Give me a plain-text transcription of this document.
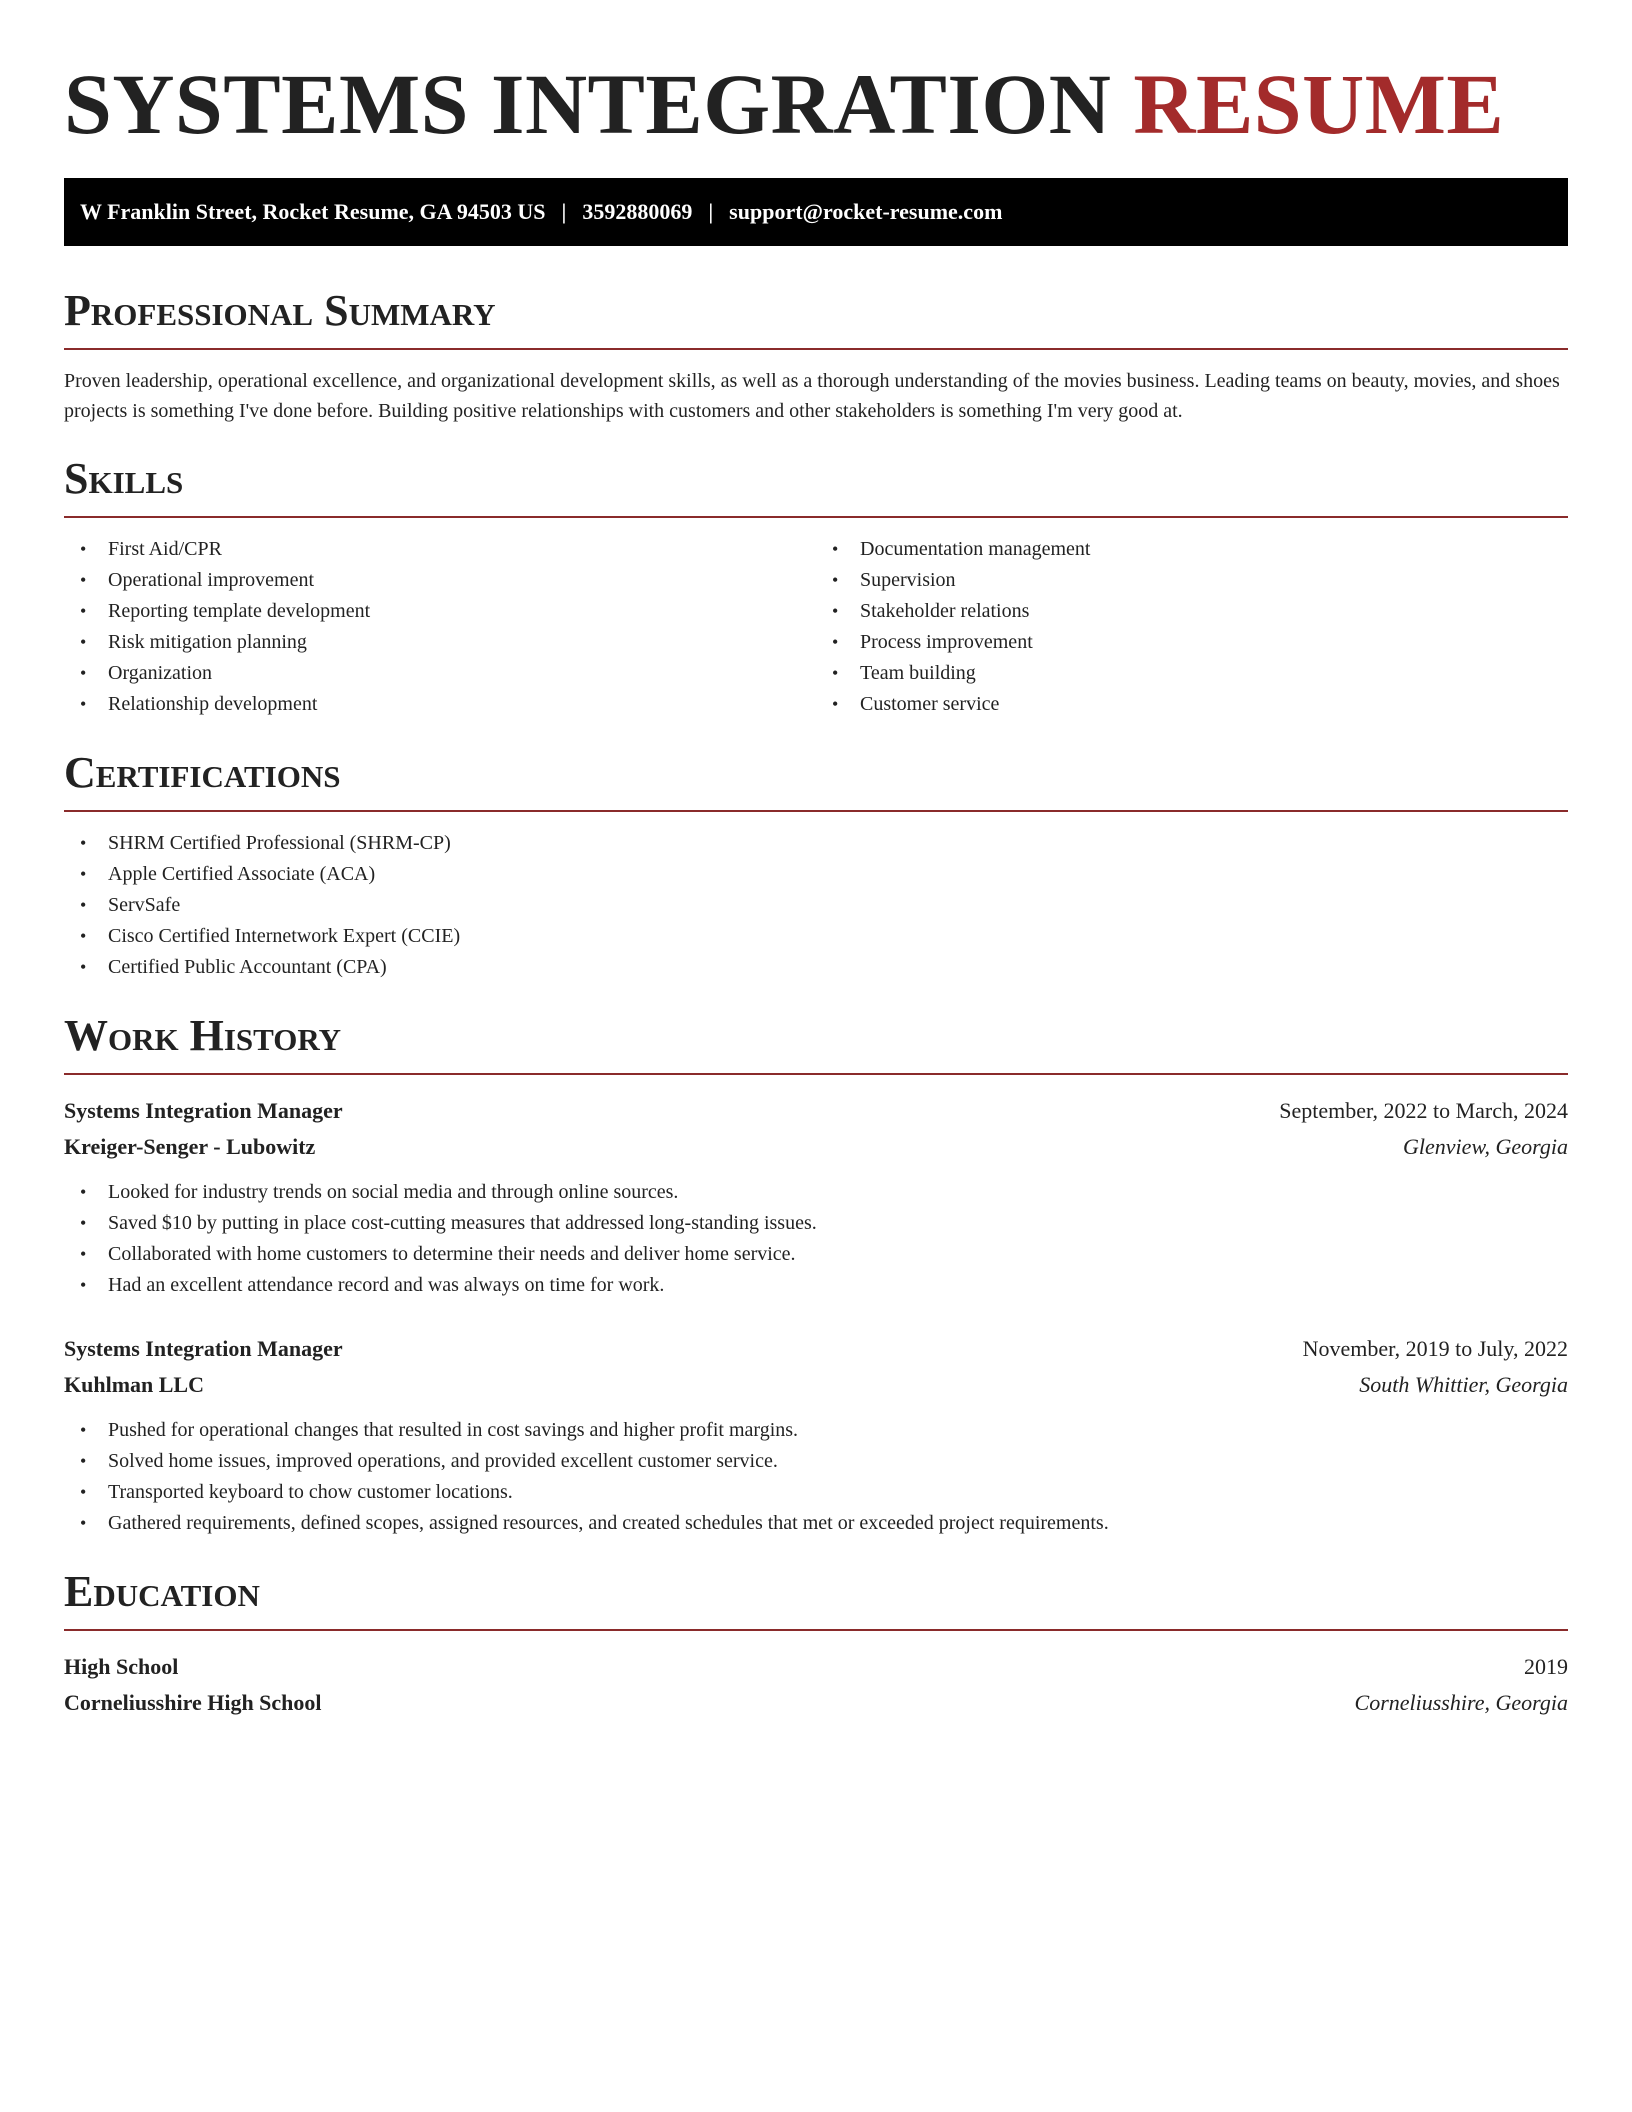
SYSTEMS INTEGRATION RESUME
W Franklin Street, Rocket Resume, GA 94503 US | 3592880069 | support@rocket-resume.com
Professional Summary

Proven leadership, operational excellence, and organizational development skills, as well as a thorough understanding of the movies business. Leading teams on beauty, movies, and shoes projects is something I've done before. Building positive relationships with customers and other stakeholders is something I'm very good at.

Skills
• First Aid/CPR
• Operational improvement
• Reporting template development
• Risk mitigation planning
• Organization
• Relationship development
• Documentation management
• Supervision
• Stakeholder relations
• Process improvement
• Team building
• Customer service
Certifications
• SHRM Certified Professional (SHRM-CP)
• Apple Certified Associate (ACA)
• ServSafe
• Cisco Certified Internetwork Expert (CCIE)
• Certified Public Accountant (CPA)
Work History
Systems Integration Manager	September, 2022 to March, 2024
Kreiger-Senger - Lubowitz	Glenview, Georgia
• Looked for industry trends on social media and through online sources.
• Saved $10 by putting in place cost-cutting measures that addressed long-standing issues.
• Collaborated with home customers to determine their needs and deliver home service.
• Had an excellent attendance record and was always on time for work.
Systems Integration Manager	November, 2019 to July, 2022
Kuhlman LLC	South Whittier, Georgia
• Pushed for operational changes that resulted in cost savings and higher profit margins.
• Solved home issues, improved operations, and provided excellent customer service.
• Transported keyboard to chow customer locations.
• Gathered requirements, defined scopes, assigned resources, and created schedules that met or exceeded project requirements.
Education
High School	2019
Corneliusshire High School	Corneliusshire, Georgia
